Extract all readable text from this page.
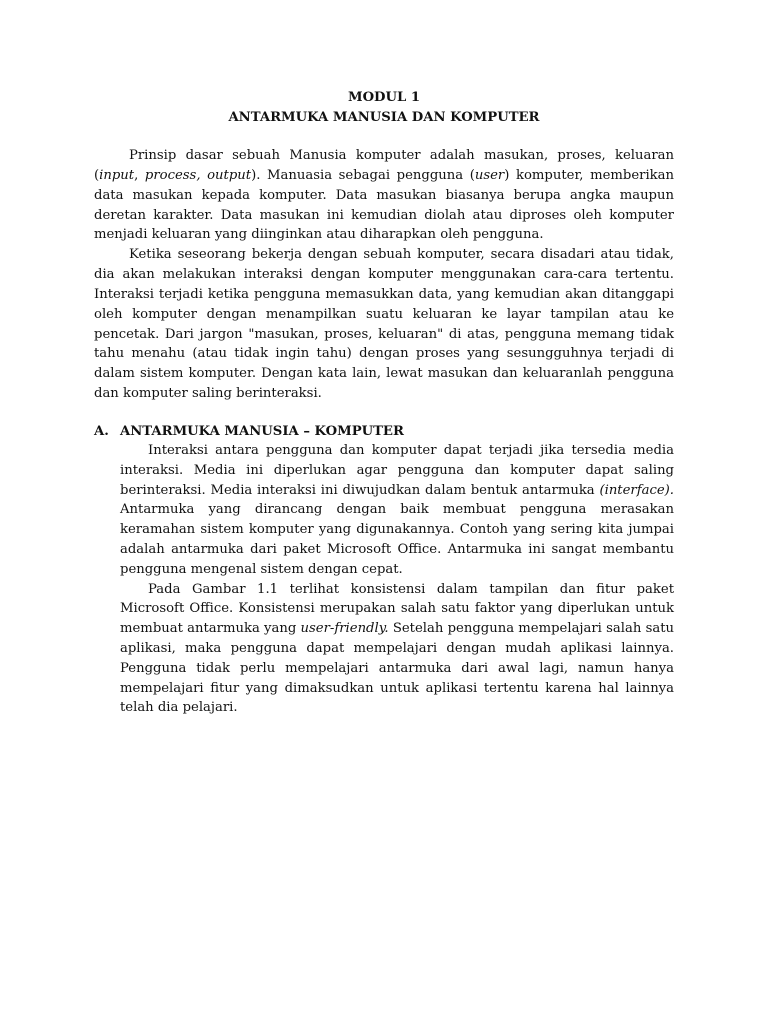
MODUL 1
ANTARMUKA MANUSIA DAN KOMPUTER

Prinsip dasar sebuah Manusia komputer adalah masukan, proses, keluaran (input, process, output). Manuasia sebagai pengguna (user) komputer, memberikan data masukan kepada komputer. Data masukan biasanya berupa angka maupun deretan karakter. Data masukan ini kemudian diolah atau diproses oleh komputer menjadi keluaran yang diinginkan atau diharapkan oleh pengguna.

Ketika seseorang bekerja dengan sebuah komputer, secara disadari atau tidak, dia akan melakukan interaksi dengan komputer menggunakan cara-cara tertentu. Interaksi terjadi ketika pengguna memasukkan data, yang kemudian akan ditanggapi oleh komputer dengan menampilkan suatu keluaran ke layar tampilan atau ke pencetak. Dari jargon "masukan, proses, keluaran" di atas, pengguna memang tidak tahu menahu (atau tidak ingin tahu) dengan proses yang sesungguhnya terjadi di dalam sistem komputer. Dengan kata lain, lewat masukan dan keluaranlah pengguna dan komputer saling berinteraksi.

A. ANTARMUKA MANUSIA – KOMPUTER

Interaksi antara pengguna dan komputer dapat terjadi jika tersedia media interaksi. Media ini diperlukan agar pengguna dan komputer dapat saling berinteraksi. Media interaksi ini diwujudkan dalam bentuk antarmuka (interface). Antarmuka yang dirancang dengan baik membuat pengguna merasakan keramahan sistem komputer yang digunakannya. Contoh yang sering kita jumpai adalah antarmuka dari paket Microsoft Office. Antarmuka ini sangat membantu pengguna mengenal sistem dengan cepat.

Pada Gambar 1.1 terlihat konsistensi dalam tampilan dan fitur paket Microsoft Office. Konsistensi merupakan salah satu faktor yang diperlukan untuk membuat antarmuka yang user-friendly. Setelah pengguna mempelajari salah satu aplikasi, maka pengguna dapat mempelajari dengan mudah aplikasi lainnya. Pengguna tidak perlu mempelajari antarmuka dari awal lagi, namun hanya mempelajari fitur yang dimaksudkan untuk aplikasi tertentu karena hal lainnya telah dia pelajari.
